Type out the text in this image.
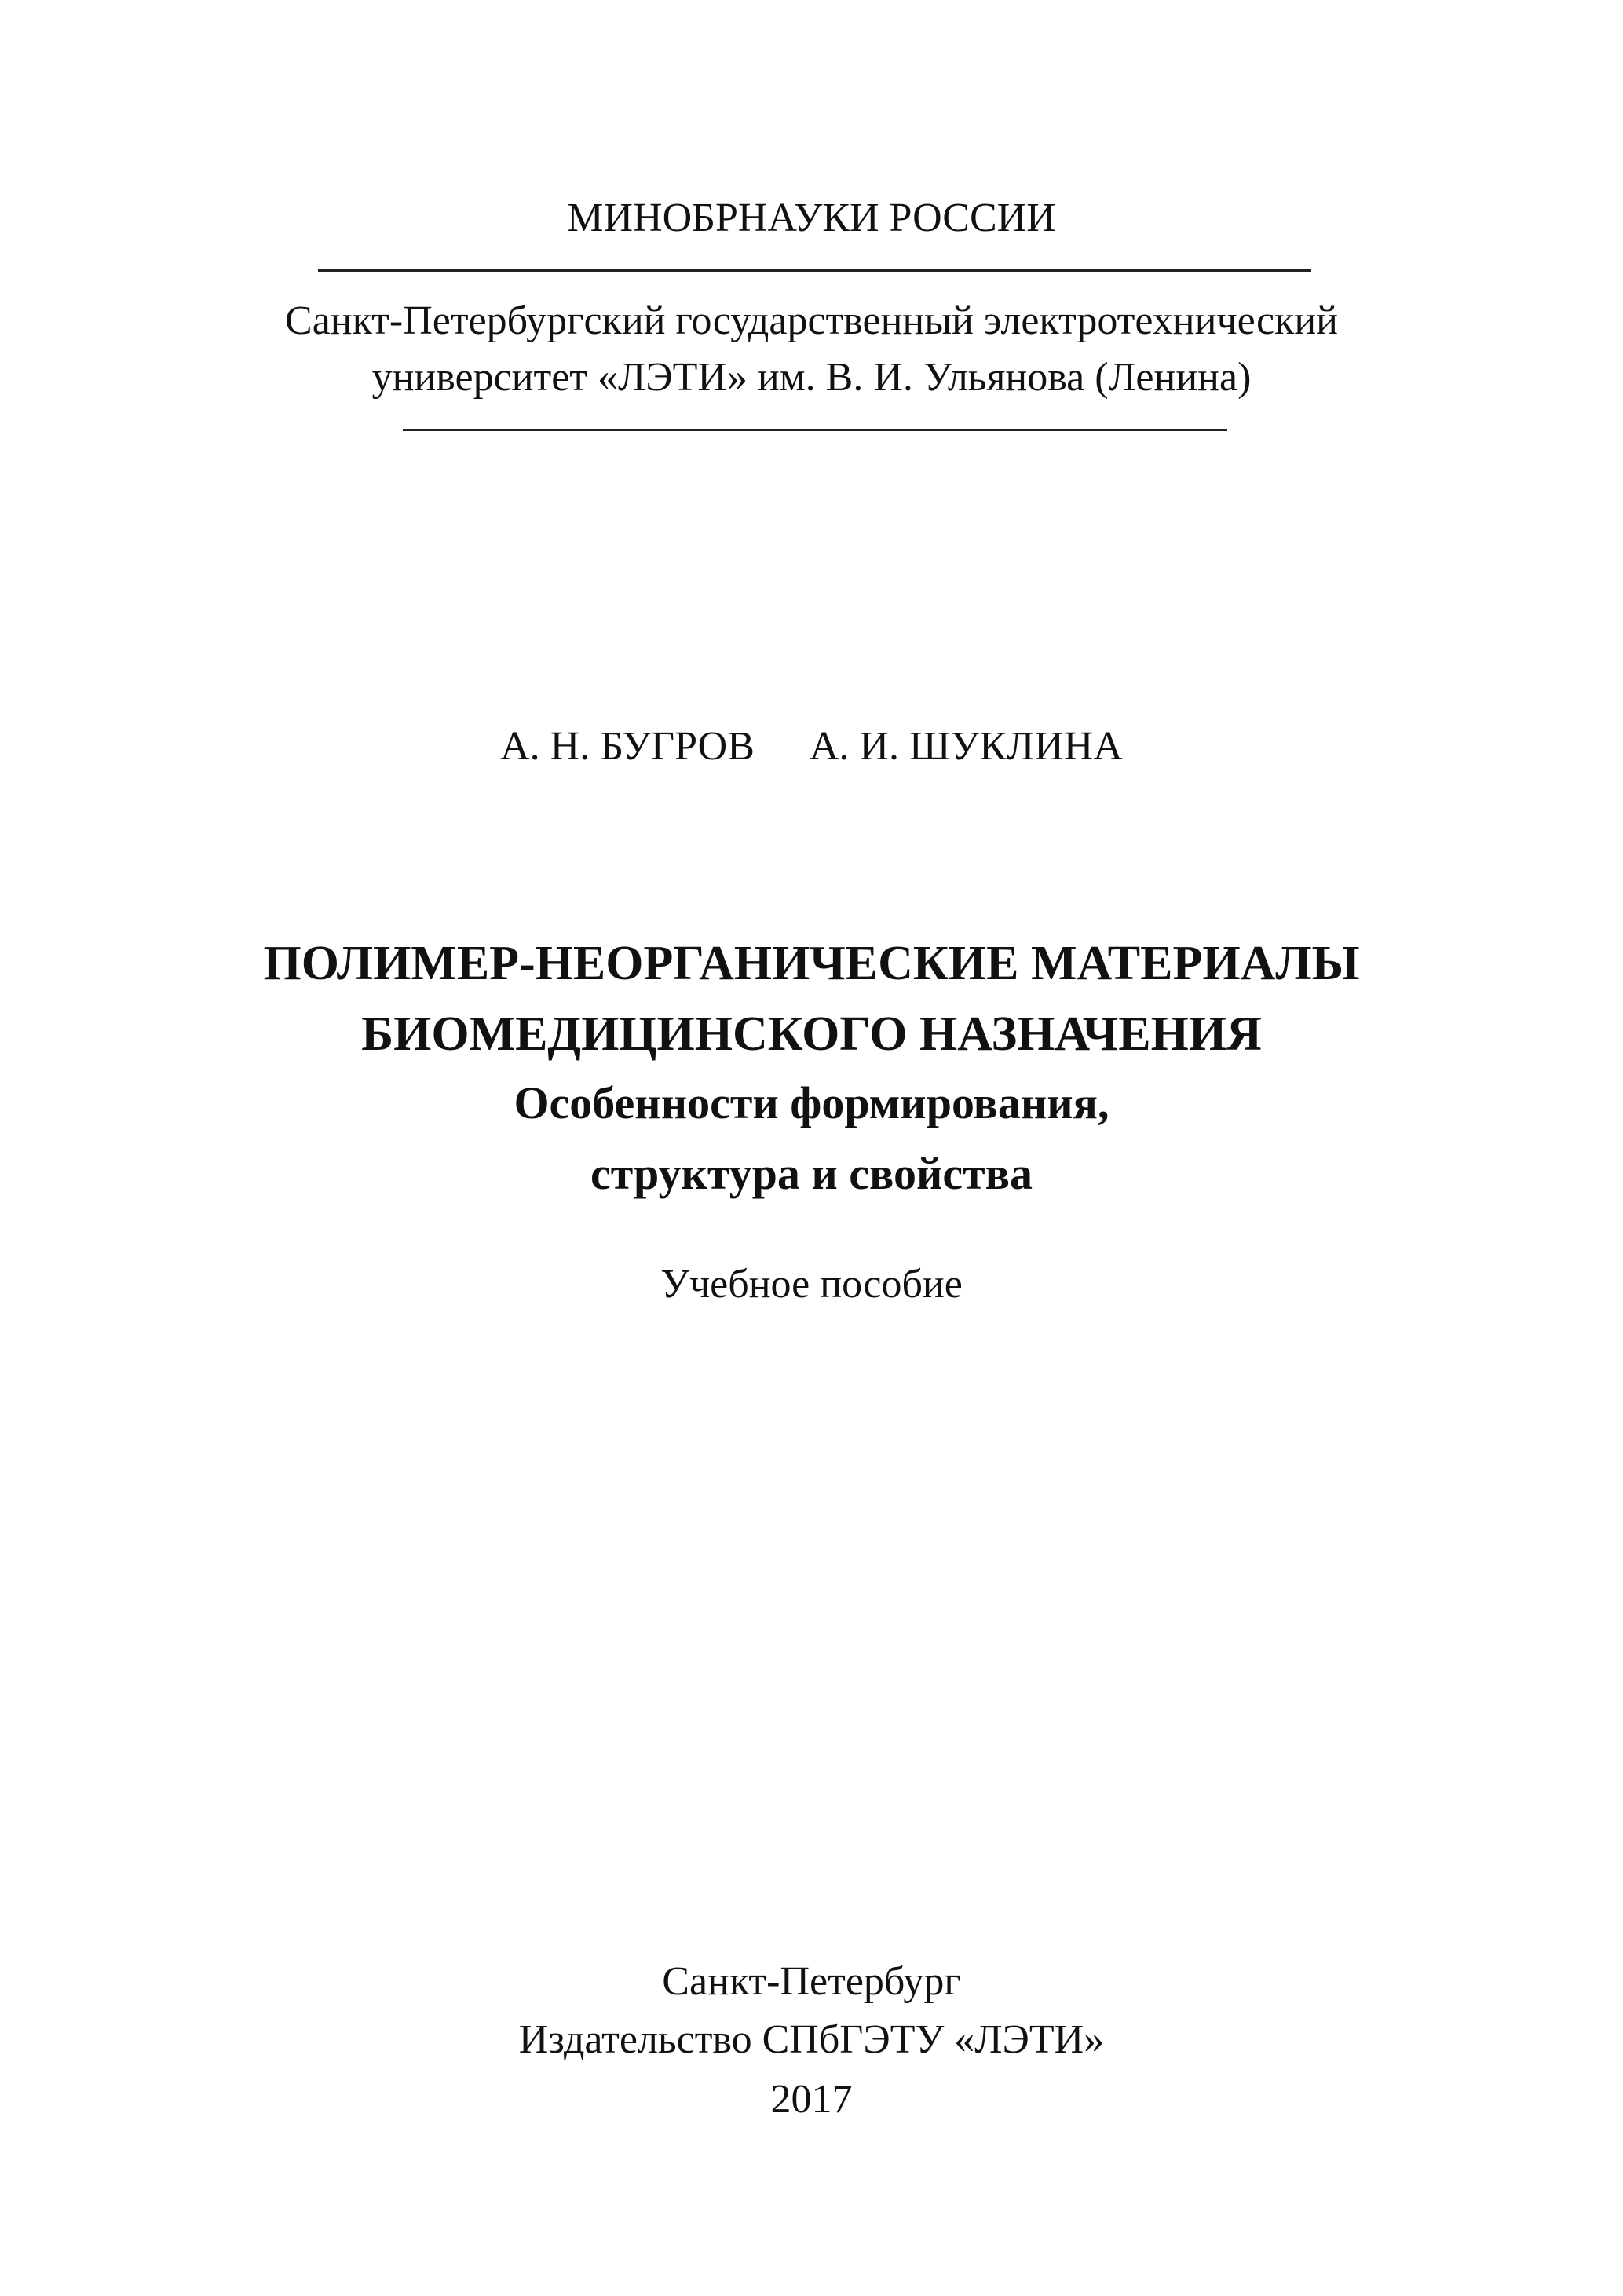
МИНОБРНАУКИ РОССИИ
Санкт-Петербургский государственный электротехнический
университет «ЛЭТИ» им. В. И. Ульянова (Ленина)
А. Н. БУГРОВ А. И. ШУКЛИНА
ПОЛИМЕР-НЕОРГАНИЧЕСКИЕ МАТЕРИАЛЫ
БИОМЕДИЦИНСКОГО НАЗНАЧЕНИЯ
Особенности формирования,
структура и свойства
Учебное пособие
Санкт-Петербург
Издательство СПбГЭТУ «ЛЭТИ»
2017
